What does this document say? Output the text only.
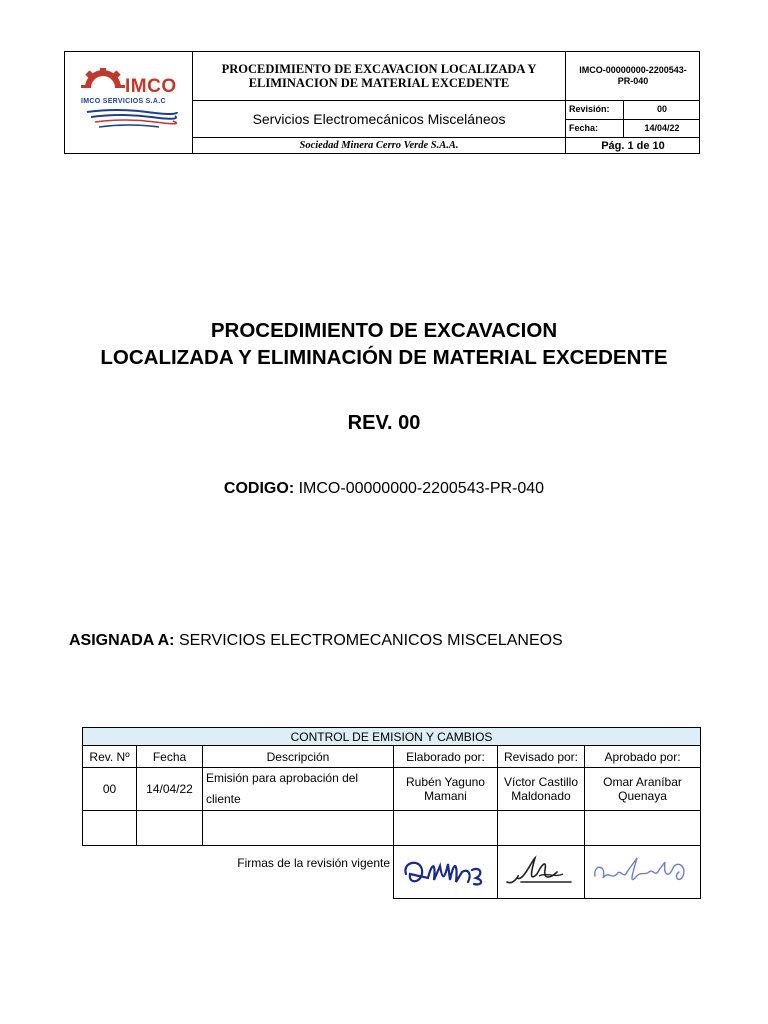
IMCO
IMCO SERVICIOS S.A.C
PROCEDIMIENTO DE EXCAVACION LOCALIZADA Y ELIMINACION DE MATERIAL EXCEDENTE
IMCO-00000000-2200543-PR-040
Servicios Electromecánicos Misceláneos
Revisión:	00
Fecha:	14/04/22
Sociedad Minera Cerro Verde S.A.A.	Pág. 1 de 10
PROCEDIMIENTO DE EXCAVACION
LOCALIZADA Y ELIMINACIÓN DE MATERIAL EXCEDENTE
REV. 00
CODIGO: IMCO-00000000-2200543-PR-040
ASIGNADA A: SERVICIOS ELECTROMECANICOS MISCELANEOS
CONTROL DE EMISION Y CAMBIOS					
Rev. Nº	Fecha	Descripción	Elaborado por:	Revisado por:	Aprobado por:
00	14/04/22	Emisión para aprobación del cliente	Rubén Yaguno Mamani	Víctor Castillo Maldonado	Omar Araníbar Quenaya

		Firmas de la revisión vigente	
